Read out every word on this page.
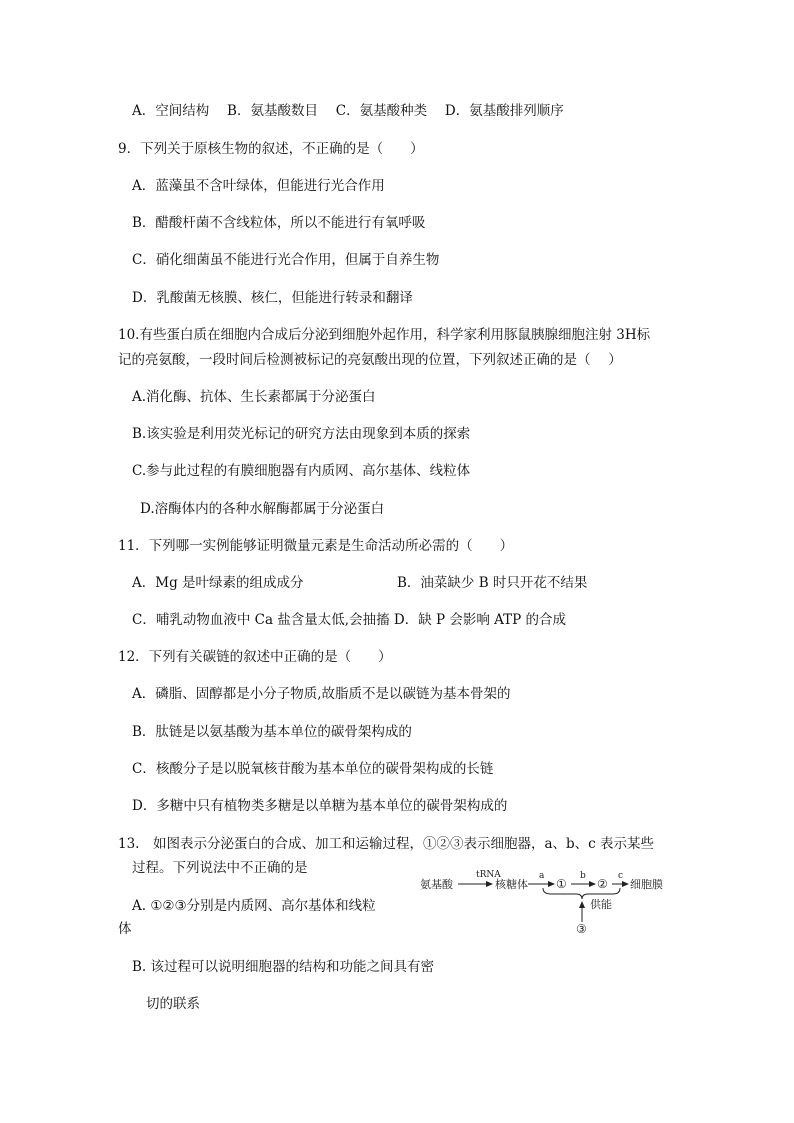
A．空间结构　 B．氨基酸数目　 C．氨基酸种类　 D．氨基酸排列顺序
9．下列关于原核生物的叙述，不正确的是（　　）
A．蓝藻虽不含叶绿体，但能进行光合作用
B．醋酸杆菌不含线粒体，所以不能进行有氧呼吸
C．硝化细菌虽不能进行光合作用，但属于自养生物
D．乳酸菌无核膜、核仁，但能进行转录和翻译
10.有些蛋白质在细胞内合成后分泌到细胞外起作用，科学家利用豚鼠胰腺细胞注射 3H标
记的亮氨酸，一段时间后检测被标记的亮氨酸出现的位置，下列叙述正确的是（　 ）
A.消化酶、抗体、生长素都属于分泌蛋白
B.该实验是利用荧光标记的研究方法由现象到本质的探索
C.参与此过程的有膜细胞器有内质网、高尔基体、线粒体
D.溶酶体内的各种水解酶都属于分泌蛋白
11．下列哪一实例能够证明微量元素是生命活动所必需的（　　）
A．Mg 是叶绿素的组成成分	B．油菜缺少 B 时只开花不结果
C．哺乳动物血液中 Ca 盐含量太低,会抽搐 D．缺 P 会影响 ATP 的合成
12．下列有关碳链的叙述中正确的是（　　）
A．磷脂、固醇都是小分子物质,故脂质不是以碳链为基本骨架的
B．肽链是以氨基酸为基本单位的碳骨架构成的
C．核酸分子是以脱氧核苷酸为基本单位的碳骨架构成的长链
D．多糖中只有植物类多糖是以单糖为基本单位的碳骨架构成的
13.　如图表示分泌蛋白的合成、加工和运输过程，①②③表示细胞器，a、b、c 表示某些
过程。下列说法中不正确的是
A. ①②③分别是内质网、高尔基体和线粒
体
B. 该过程可以说明细胞器的结构和功能之间具有密
切的联系
氨基酸
tRNA
核糖体
a
①
b
②
c
细胞膜
供能
③
